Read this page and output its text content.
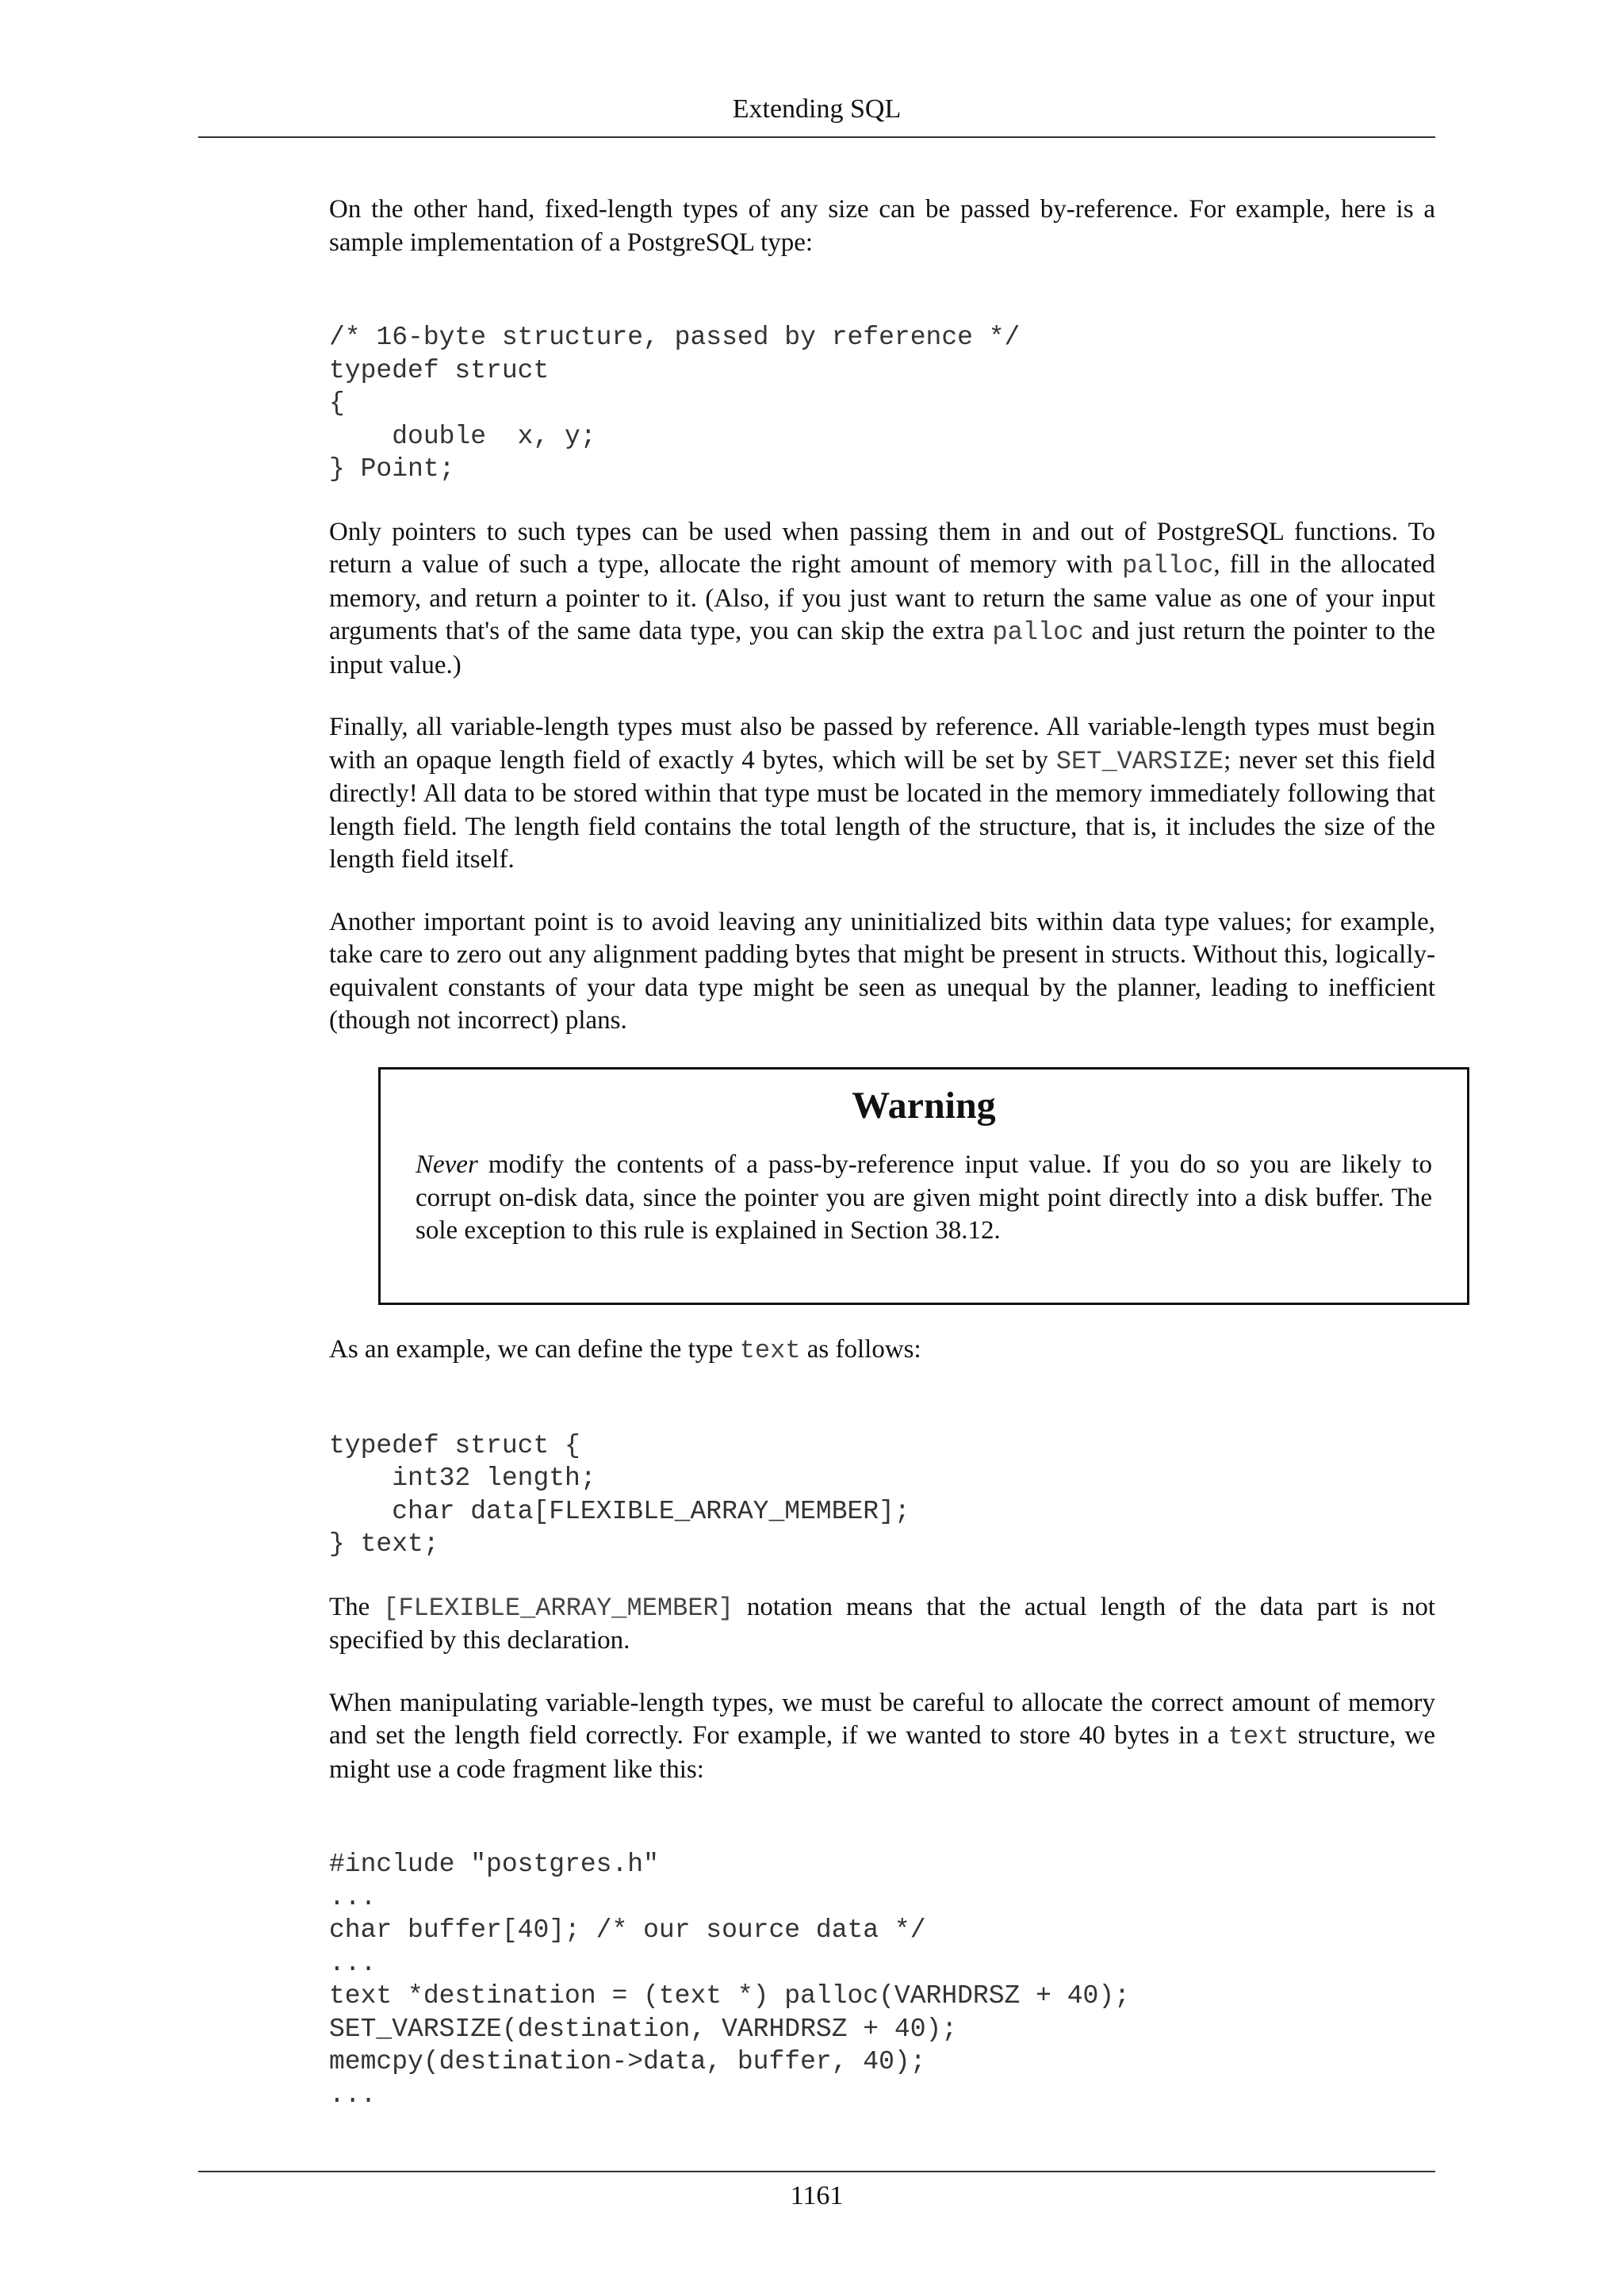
Extending SQL

On the other hand, fixed-length types of any size can be passed by-reference. For example, here is a sample implementation of a PostgreSQL type:

/* 16-byte structure, passed by reference */
typedef struct
{
double  x, y;
} Point;

Only pointers to such types can be used when passing them in and out of PostgreSQL functions. To return a value of such a type, allocate the right amount of memory with palloc, fill in the allocated memory, and return a pointer to it. (Also, if you just want to return the same value as one of your input arguments that's of the same data type, you can skip the extra palloc and just return the pointer to the input value.)

Finally, all variable-length types must also be passed by reference. All variable-length types must begin with an opaque length field of exactly 4 bytes, which will be set by SET_VARSIZE; never set this field directly! All data to be stored within that type must be located in the memory immediately following that length field. The length field contains the total length of the structure, that is, it includes the size of the length field itself.

Another important point is to avoid leaving any uninitialized bits within data type values; for example, take care to zero out any alignment padding bytes that might be present in structs. Without this, logically-equivalent constants of your data type might be seen as unequal by the planner, leading to inefficient (though not incorrect) plans.

Warning

Never modify the contents of a pass-by-reference input value. If you do so you are likely to corrupt on-disk data, since the pointer you are given might point directly into a disk buffer. The sole exception to this rule is explained in Section 38.12.

As an example, we can define the type text as follows:

typedef struct {
int32 length;
char data[FLEXIBLE_ARRAY_MEMBER];
} text;

The [FLEXIBLE_ARRAY_MEMBER] notation means that the actual length of the data part is not specified by this declaration.

When manipulating variable-length types, we must be careful to allocate the correct amount of memory and set the length field correctly. For example, if we wanted to store 40 bytes in a text structure, we might use a code fragment like this:

#include "postgres.h"
...
char buffer[40]; /* our source data */
...
text *destination = (text *) palloc(VARHDRSZ + 40);
SET_VARSIZE(destination, VARHDRSZ + 40);
memcpy(destination->data, buffer, 40);
...
1161
